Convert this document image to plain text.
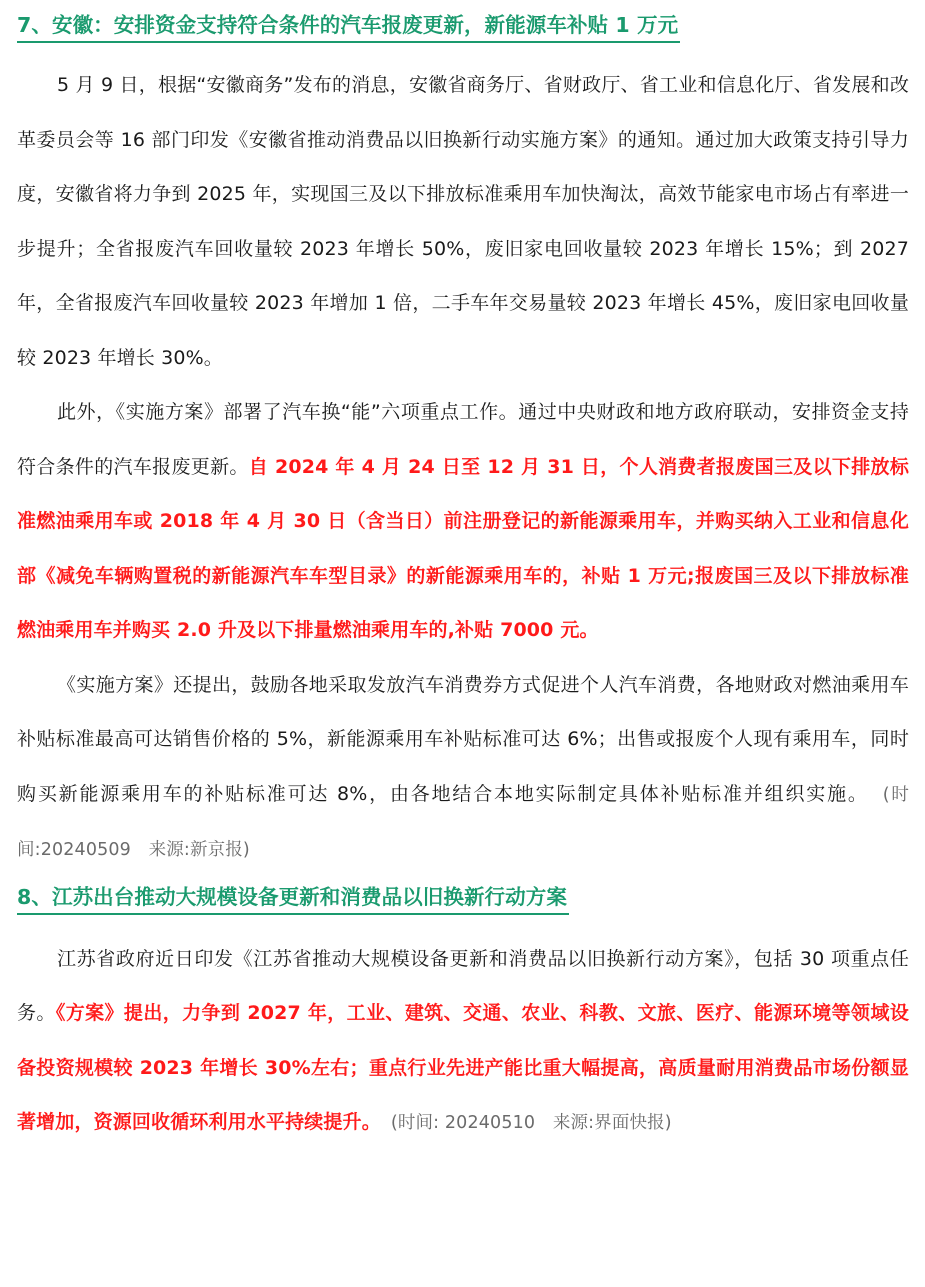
7、安徽：安排资金支持符合条件的汽车报废更新，新能源车补贴 1 万元

5 月 9 日，根据“安徽商务”发布的消息，安徽省商务厅、省财政厅、省工业和信息化厅、省发展和改革委员会等 16 部门印发《安徽省推动消费品以旧换新行动实施方案》的通知。通过加大政策支持引导力度，安徽省将力争到 2025 年，实现国三及以下排放标准乘用车加快淘汰，高效节能家电市场占有率进一步提升；全省报废汽车回收量较 2023 年增长 50%，废旧家电回收量较 2023 年增长 15%；到 2027 年，全省报废汽车回收量较 2023 年增加 1 倍，二手车年交易量较 2023 年增长 45%，废旧家电回收量较 2023 年增长 30%。

此外，《实施方案》部署了汽车换“能”六项重点工作。通过中央财政和地方政府联动，安排资金支持符合条件的汽车报废更新。自 2024 年 4 月 24 日至 12 月 31 日，个人消费者报废国三及以下排放标准燃油乘用车或 2018 年 4 月 30 日（含当日）前注册登记的新能源乘用车，并购买纳入工业和信息化部《减免车辆购置税的新能源汽车车型目录》的新能源乘用车的，补贴 1 万元;报废国三及以下排放标准燃油乘用车并购买 2.0 升及以下排量燃油乘用车的,补贴 7000 元。

《实施方案》还提出，鼓励各地采取发放汽车消费券方式促进个人汽车消费，各地财政对燃油乘用车补贴标准最高可达销售价格的 5%，新能源乘用车补贴标准可达 6%；出售或报废个人现有乘用车，同时购买新能源乘用车的补贴标准可达 8%，由各地结合本地实际制定具体补贴标准并组织实施。 (时间:20240509　来源:新京报)

8、江苏出台推动大规模设备更新和消费品以旧换新行动方案

江苏省政府近日印发《江苏省推动大规模设备更新和消费品以旧换新行动方案》，包括 30 项重点任务。《方案》提出，力争到 2027 年，工业、建筑、交通、农业、科教、文旅、医疗、能源环境等领域设备投资规模较 2023 年增长 30%左右；重点行业先进产能比重大幅提高，高质量耐用消费品市场份额显著增加，资源回收循环利用水平持续提升。 (时间: 20240510　来源:界面快报)
